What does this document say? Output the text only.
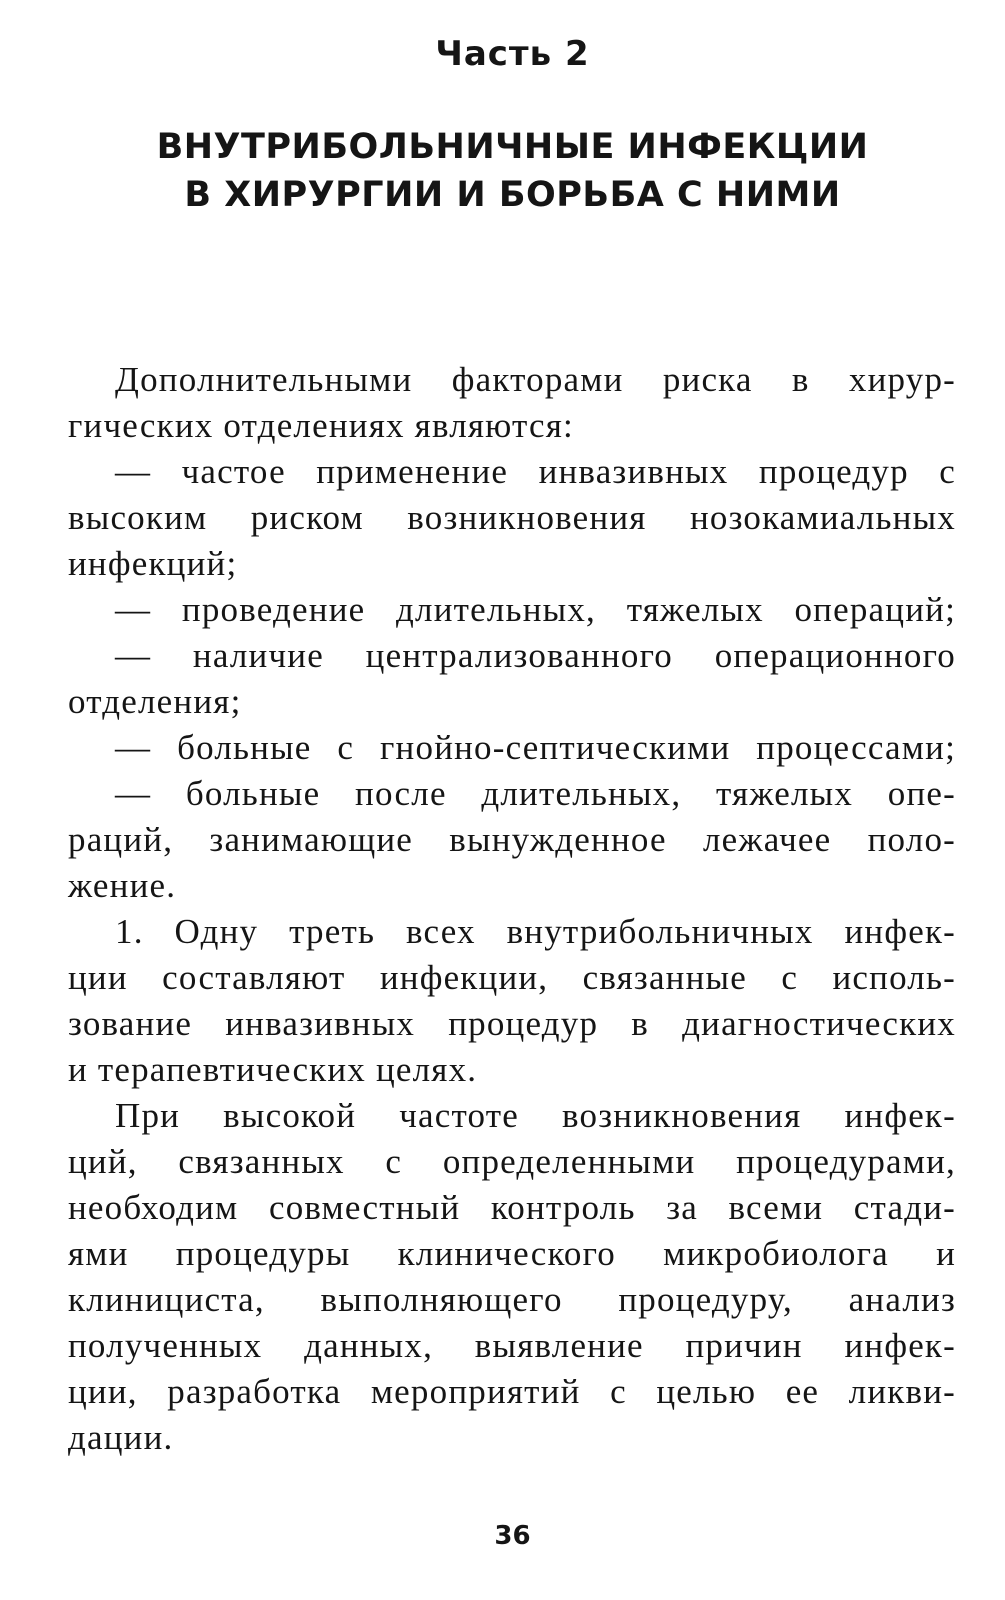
Часть 2
ВНУТРИБОЛЬНИЧНЫЕ ИНФЕКЦИИ
В ХИРУРГИИ И БОРЬБА С НИМИ
Дополнительными факторами риска в хирур-
гических отделениях являются:
— частое применение инвазивных процедур с
высоким риском возникновения нозокамиальных
инфекций;
— проведение длительных, тяжелых операций;
— наличие централизованного операционного
отделения;
— больные с гнойно-септическими процессами;
— больные после длительных, тяжелых опе-
раций, занимающие вынужденное лежачее поло-
жение.
1. Одну треть всех внутрибольничных инфек-
ции составляют инфекции, связанные с исполь-
зование инвазивных процедур в диагностических
и терапевтических целях.
При высокой частоте возникновения инфек-
ций, связанных с определенными процедурами,
необходим совместный контроль за всеми стади-
ями процедуры клинического микробиолога и
клинициста, выполняющего процедуру, анализ
полученных данных, выявление причин инфек-
ции, разработка мероприятий с целью ее ликви-
дации.
36
